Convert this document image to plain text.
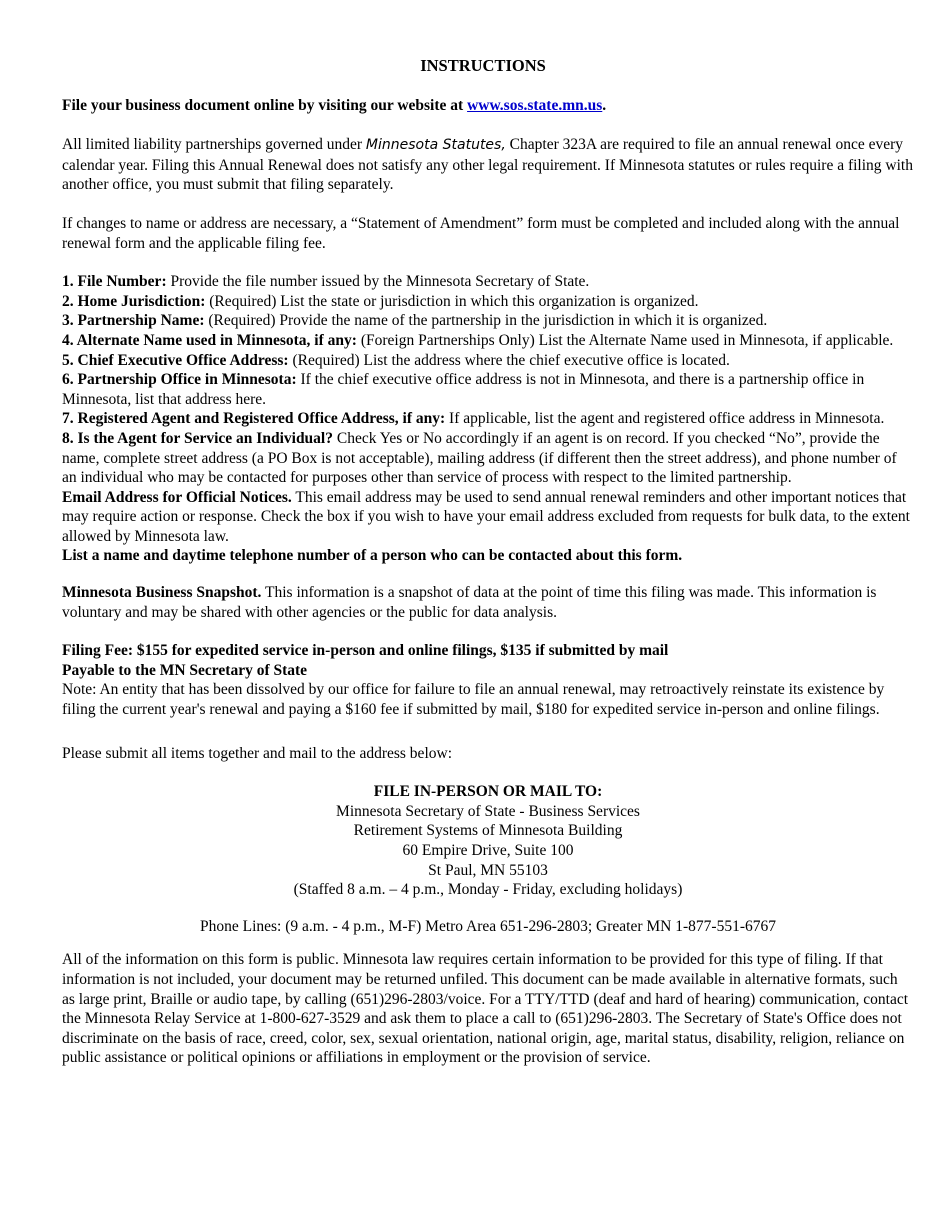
INSTRUCTIONS

File your business document online by visiting our website at www.sos.state.mn.us.

All limited liability partnerships governed under Minnesota Statutes, Chapter 323A are required to file an annual renewal once every calendar year. Filing this Annual Renewal does not satisfy any other legal requirement. If Minnesota statutes or rules require a filing with another office, you must submit that filing separately.

If changes to name or address are necessary, a “Statement of Amendment” form must be completed and included along with the annual renewal form and the applicable filing fee.

1. File Number: Provide the file number issued by the Minnesota Secretary of State.

2. Home Jurisdiction: (Required) List the state or jurisdiction in which this organization is organized.

3. Partnership Name: (Required) Provide the name of the partnership in the jurisdiction in which it is organized.

4. Alternate Name used in Minnesota, if any: (Foreign Partnerships Only) List the Alternate Name used in Minnesota, if applicable.

5. Chief Executive Office Address: (Required) List the address where the chief executive office is located.

6. Partnership Office in Minnesota: If the chief executive office address is not in Minnesota, and there is a partnership office in Minnesota, list that address here.

7. Registered Agent and Registered Office Address, if any: If applicable, list the agent and registered office address in Minnesota.

8. Is the Agent for Service an Individual? Check Yes or No accordingly if an agent is on record. If you checked “No”, provide the name, complete street address (a PO Box is not acceptable), mailing address (if different then the street address), and phone number of an individual who may be contacted for purposes other than service of process with respect to the limited partnership.

Email Address for Official Notices. This email address may be used to send annual renewal reminders and other important notices that may require action or response. Check the box if you wish to have your email address excluded from requests for bulk data, to the extent allowed by Minnesota law.

List a name and daytime telephone number of a person who can be contacted about this form.

Minnesota Business Snapshot. This information is a snapshot of data at the point of time this filing was made. This information is voluntary and may be shared with other agencies or the public for data analysis.

Filing Fee: $155 for expedited service in-person and online filings, $135 if submitted by mail

Payable to the MN Secretary of State

Note: An entity that has been dissolved by our office for failure to file an annual renewal, may retroactively reinstate its existence by filing the current year's renewal and paying a $160 fee if submitted by mail, $180 for expedited service in-person and online filings.

Please submit all items together and mail to the address below:

FILE IN-PERSON OR MAIL TO:

Minnesota Secretary of State - Business Services

Retirement Systems of Minnesota Building

60 Empire Drive, Suite 100

St Paul, MN 55103

(Staffed 8 a.m. – 4 p.m., Monday - Friday, excluding holidays)

Phone Lines: (9 a.m. - 4 p.m., M-F) Metro Area 651-296-2803; Greater MN 1-877-551-6767

All of the information on this form is public. Minnesota law requires certain information to be provided for this type of filing. If that information is not included, your document may be returned unfiled. This document can be made available in alternative formats, such as large print, Braille or audio tape, by calling (651)296-2803/voice. For a TTY/TTD (deaf and hard of hearing) communication, contact the Minnesota Relay Service at 1-800-627-3529 and ask them to place a call to (651)296-2803. The Secretary of State's Office does not discriminate on the basis of race, creed, color, sex, sexual orientation, national origin, age, marital status, disability, religion, reliance on public assistance or political opinions or affiliations in employment or the provision of service.
